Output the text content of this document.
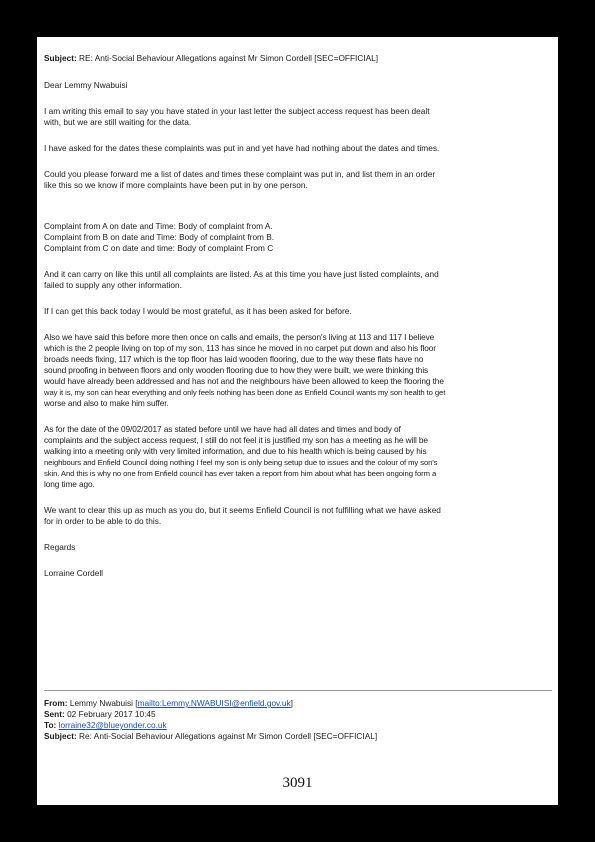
Subject: RE: Anti-Social Behaviour Allegations against Mr Simon Cordell [SEC=OFFICIAL]

Dear Lemmy Nwabuisi

I am writing this email to say you have stated in your last letter the subject access request has been dealt
with, but we are still waiting for the data.

I have asked for the dates these complaints was put in and yet have had nothing about the dates and times.

Could you please forward me a list of dates and times these complaint was put in, and list them in an order
like this so we know if more complaints have been put in by one person.
Complaint from A on date and Time: Body of complaint from A.
Complaint from B on date and Time: Body of complaint from B.
Complaint from C on date and time: Body of complaint From C
And it can carry on like this until all complaints are listed. As at this time you have just listed complaints, and
failed to supply any other information.

If I can get this back today I would be most grateful, as it has been asked for before.

Also we have said this before more then once on calls and emails, the person's living at 113 and 117 I believe
which is the 2 people living on top of my son, 113 has since he moved in no carpet put down and also his floor
broads needs fixing, 117 which is the top floor has laid wooden flooring, due to the way these flats have no
sound proofing in between floors and only wooden flooring due to how they were built, we were thinking this
would have already been addressed and has not and the neighbours have been allowed to keep the flooring the
way it is, my son can hear everything and only feels nothing has been done as Enfield Council wants my son health to get
worse and also to make him suffer.
As for the date of the 09/02/2017 as stated before until we have had all dates and times and body of
complaints and the subject access request, I still do not feel it is justified my son has a meeting as he will be
walking into a meeting only with very limited information, and due to his health which is being caused by his
neighbours and Enfield Council doing nothing I feel my son is only being setup due to issues and the colour of my son's
skin. And this is why no one from Enfield council has ever taken a report from him about what has been ongoing form a
long time ago.
We want to clear this up as much as you do, but it seems Enfield Council is not fulfilling what we have asked
for in order to be able to do this.

Regards

Lorraine Cordell

From: Lemmy Nwabuisi [mailto:Lemmy.NWABUISI@enfield.gov.uk]
Sent: 02 February 2017 10:45
To: lorraine32@blueyonder.co.uk
Subject: Re: Anti-Social Behaviour Allegations against Mr Simon Cordell [SEC=OFFICIAL]
3091
